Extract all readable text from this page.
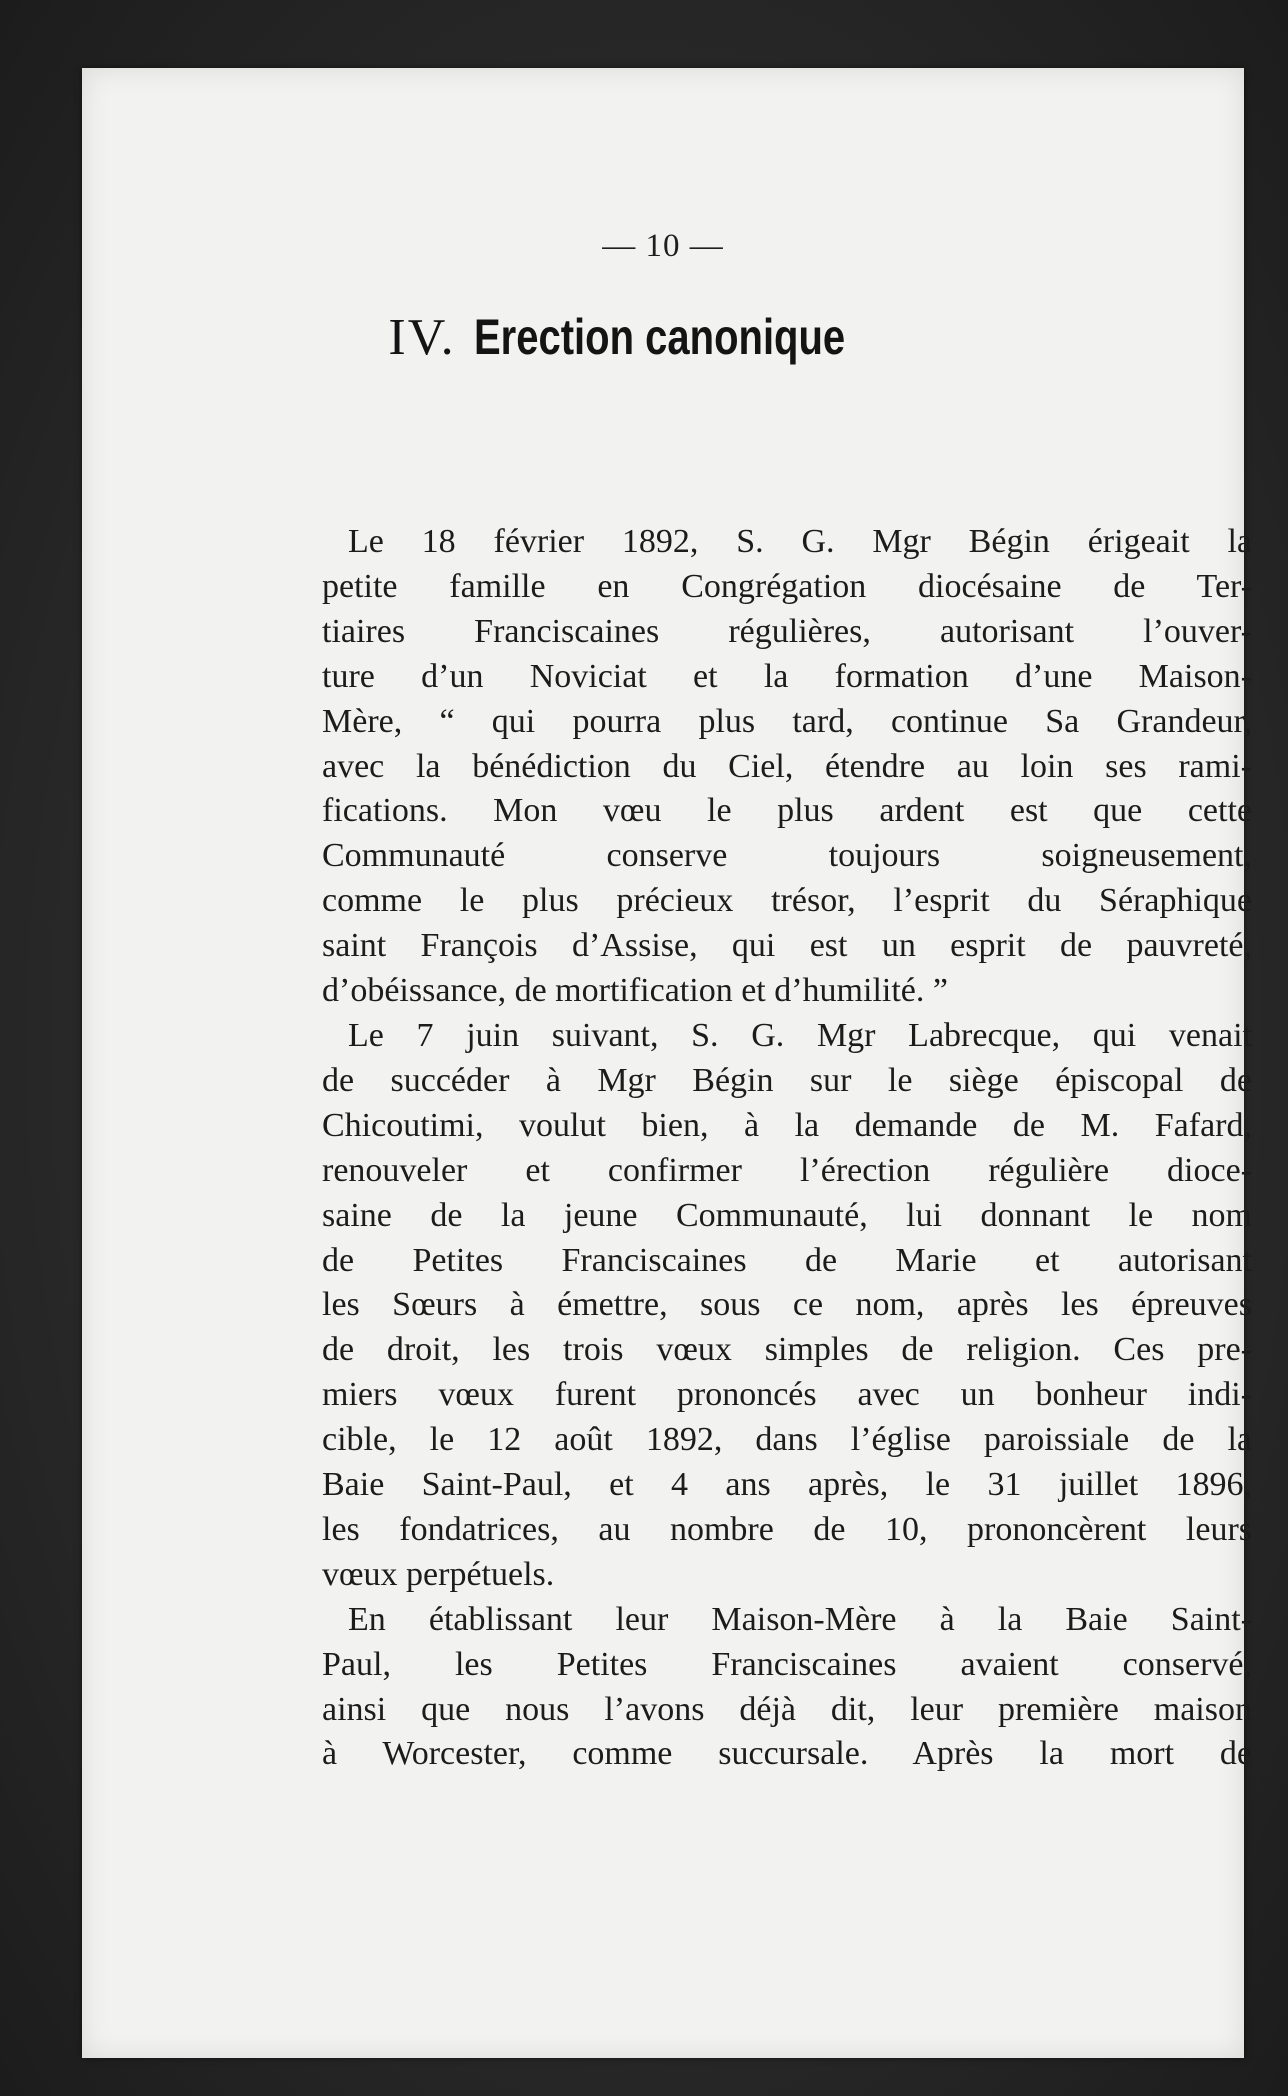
— 10 —
IV. Erection canonique
Le 18 février 1892, S. G. Mgr Bégin érigeait la
petite famille en Congrégation diocésaine de Ter-
tiaires Franciscaines régulières, autorisant l’ouver-
ture d’un Noviciat et la formation d’une Maison-
Mère, “ qui pourra plus tard, continue Sa Grandeur,
avec la bénédiction du Ciel, étendre au loin ses rami-
fications. Mon vœu le plus ardent est que cette
Communauté conserve toujours soigneusement,
comme le plus précieux trésor, l’esprit du Séraphique
saint François d’Assise, qui est un esprit de pauvreté,
d’obéissance, de mortification et d’humilité. ”
Le 7 juin suivant, S. G. Mgr Labrecque, qui venait
de succéder à Mgr Bégin sur le siège épiscopal de
Chicoutimi, voulut bien, à la demande de M. Fafard,
renouveler et confirmer l’érection régulière dioce-
saine de la jeune Communauté, lui donnant le nom
de Petites Franciscaines de Marie et autorisant
les Sœurs à émettre, sous ce nom, après les épreuves
de droit, les trois vœux simples de religion. Ces pre-
miers vœux furent prononcés avec un bonheur indi-
cible, le 12 août 1892, dans l’église paroissiale de la
Baie Saint-Paul, et 4 ans après, le 31 juillet 1896,
les fondatrices, au nombre de 10, prononcèrent leurs
vœux perpétuels.
En établissant leur Maison-Mère à la Baie Saint-
Paul, les Petites Franciscaines avaient conservé,
ainsi que nous l’avons déjà dit, leur première maison
à Worcester, comme succursale. Après la mort de
